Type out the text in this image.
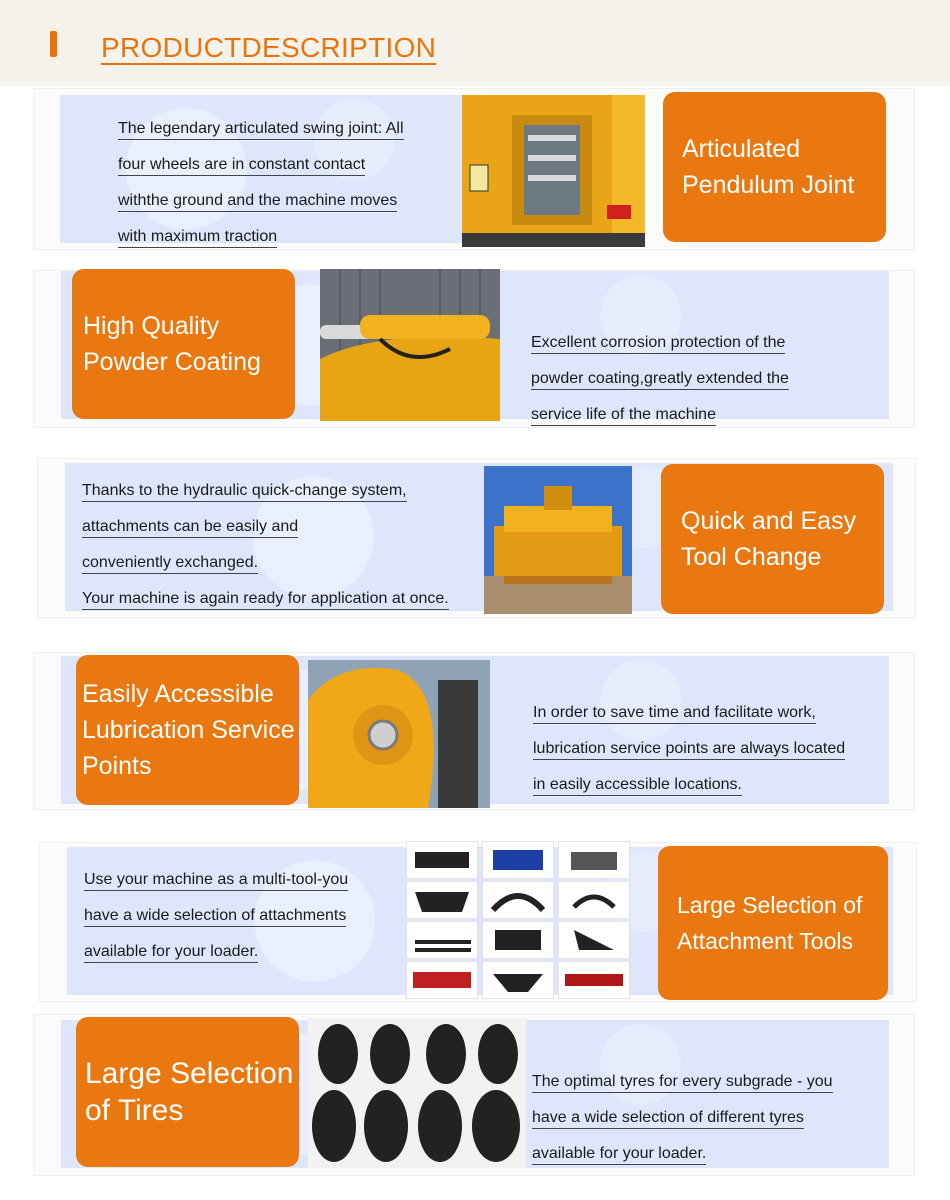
PRODUCTDESCRIPTION
The legendary articulated swing joint: All
four wheels are in constant contact
withthe ground and the machine moves
with maximum traction
Articulated
Pendulum Joint
High Quality
Powder Coating
Excellent corrosion protection of the
powder coating,greatly extended the
service life of the machine
Thanks to the hydraulic quick-change system,
attachments can be easily and
conveniently exchanged.
Your machine is again ready for application at once.
Quick and Easy
Tool Change
Easily Accessible
Lubrication Service
Points
In order to save time and facilitate work,
lubrication service points are always located
in easily accessible locations.
Use your machine as a multi-tool-you
have a wide selection of attachments
available for your loader.
Large Selection of
Attachment Tools
Large Selection
of Tires
The optimal tyres for every subgrade - you
have a wide selection of different tyres
available for your loader.
